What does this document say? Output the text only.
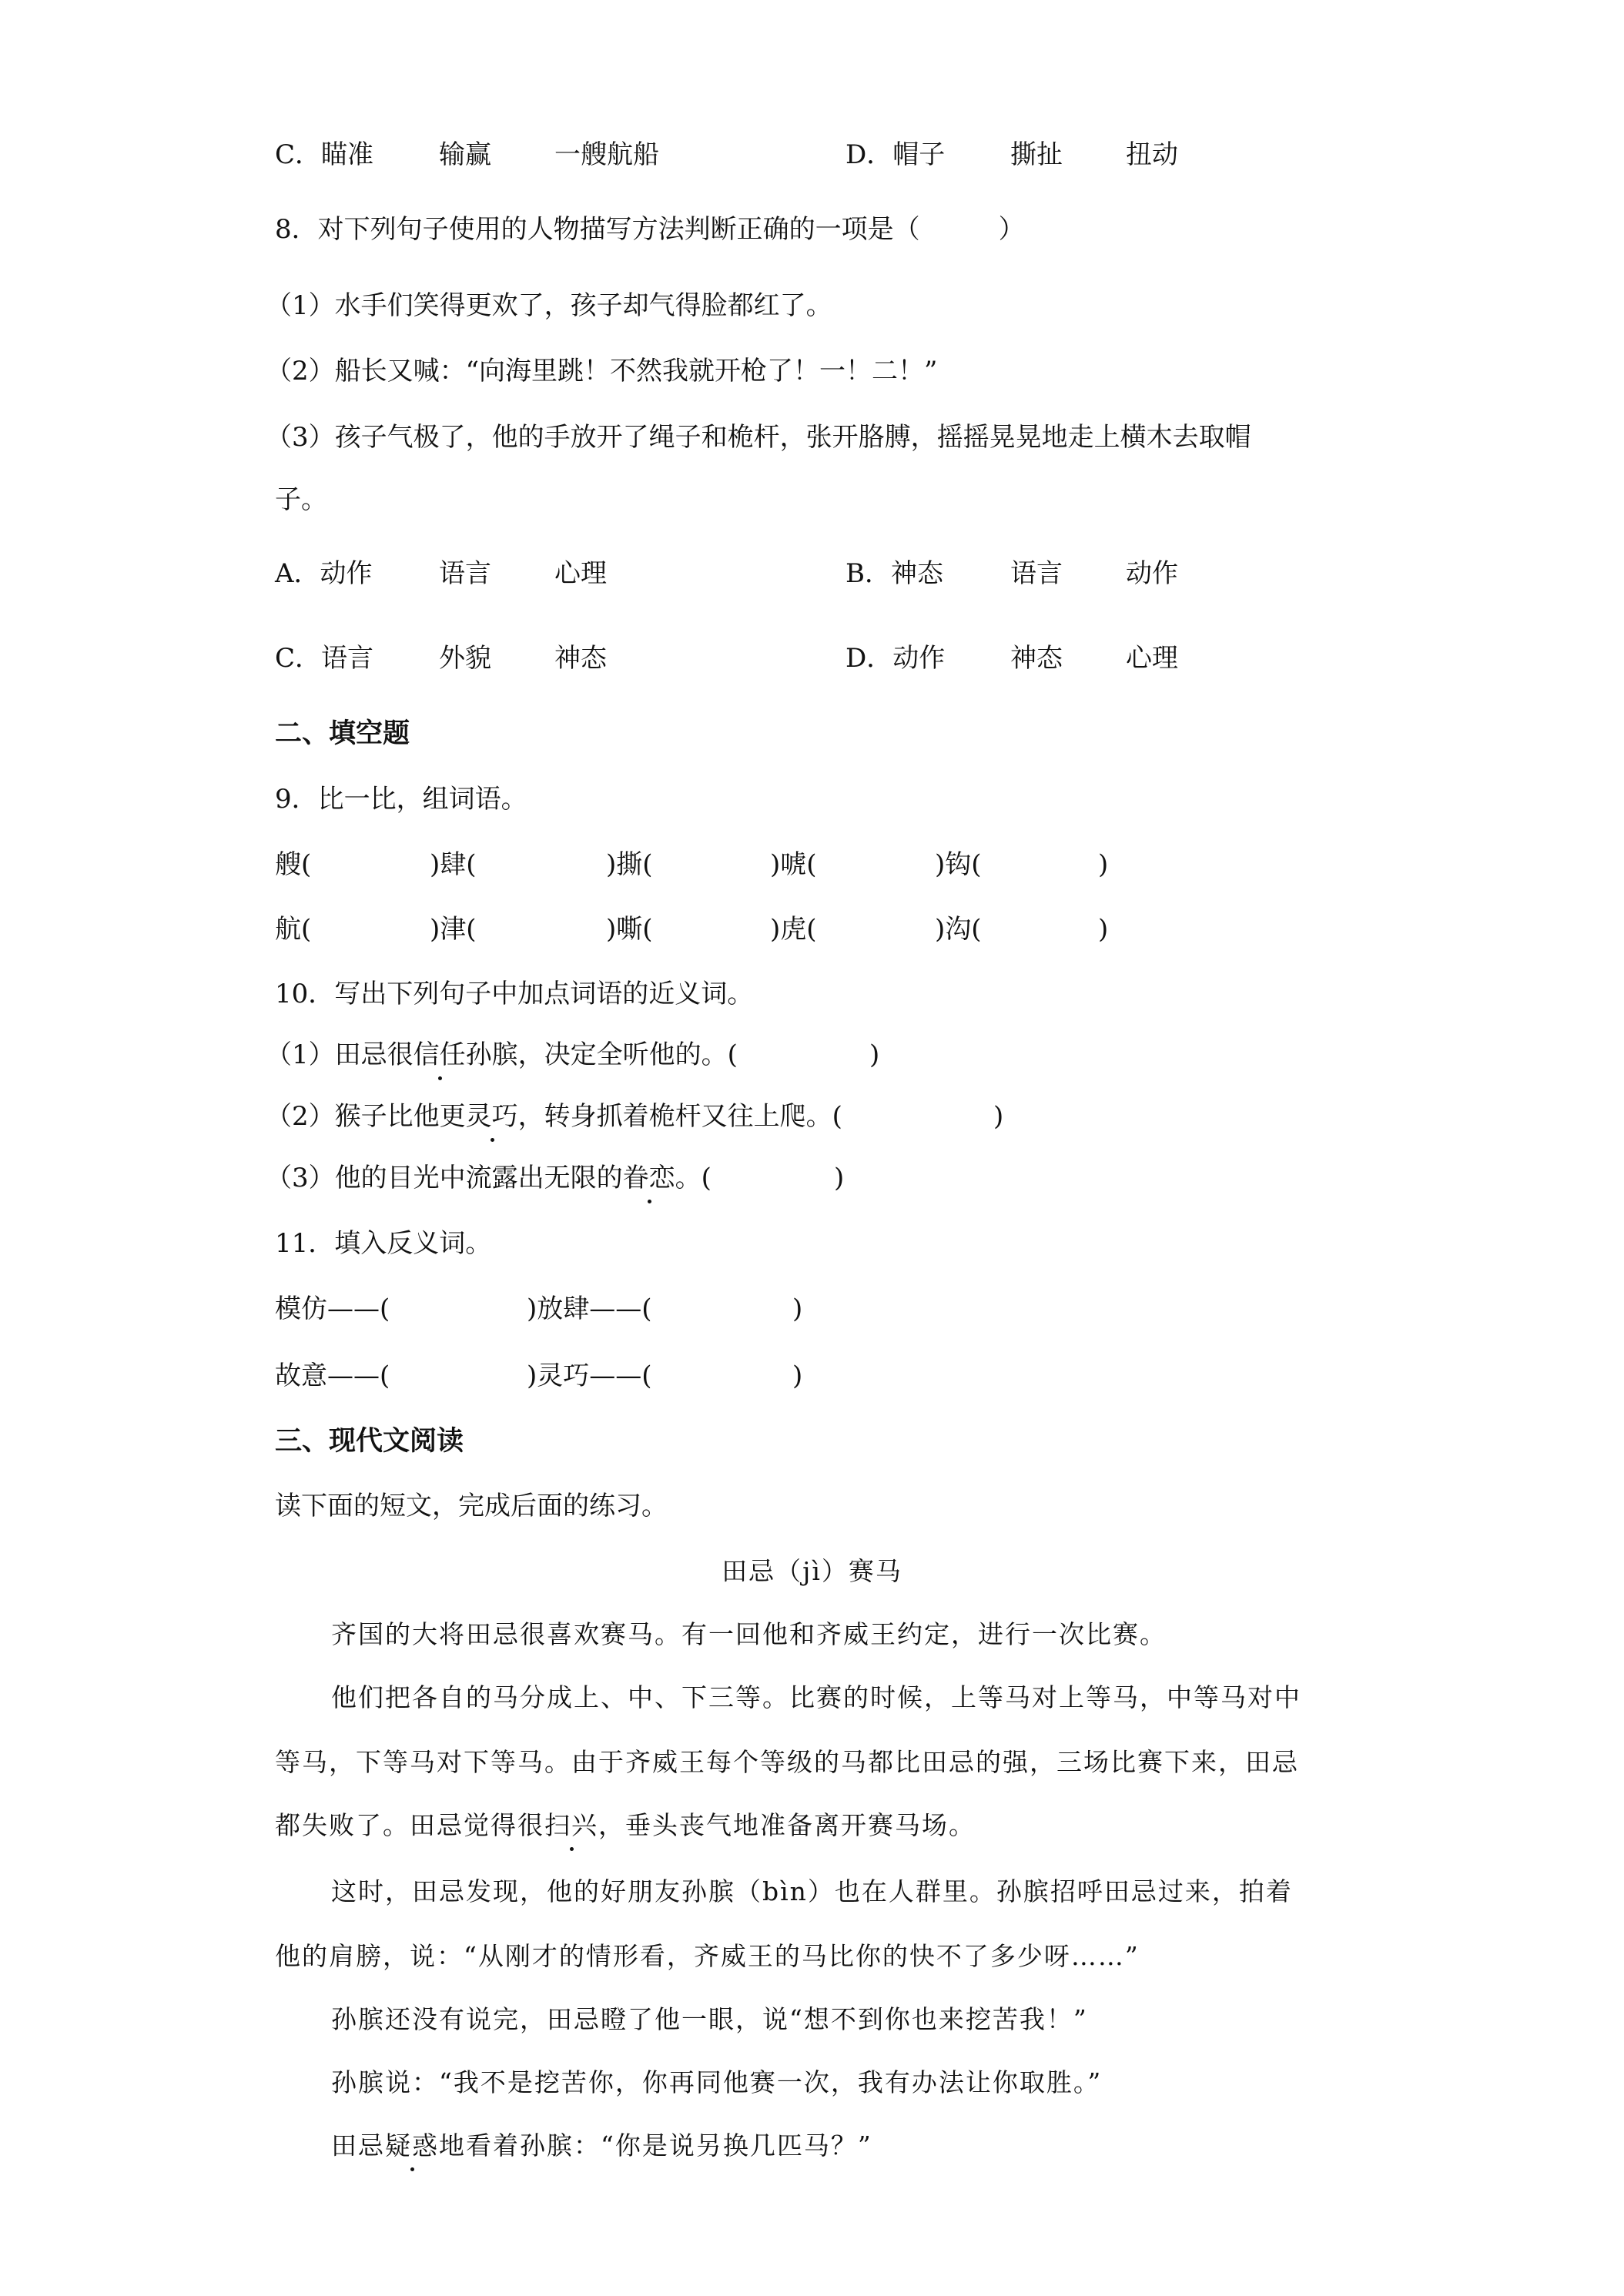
C．瞄准 输赢 一艘航船	D．帽子 撕扯 扭动
8．对下列句子使用的人物描写方法判断正确的一项是（　　　）
（1）水手们笑得更欢了，孩子却气得脸都红了。
（2）船长又喊：“向海里跳！不然我就开枪了！一！二！”
（3）孩子气极了，他的手放开了绳子和桅杆，张开胳膊，摇摇晃晃地走上横木去取帽
子。
A．动作	语言 心理	B．神态	语言 动作
C．语言 外貌 神态	D．动作 神态 心理
二、填空题
9．比一比，组词语。
艘(	)肆(	)撕(	)唬(	)钩(	)
航(	)津(	)嘶(	)虎(	)沟(	)
10．写出下列句子中加点词语的近义词。
（1）田忌很信任孙膑，决定全听他的。(	)
（2）猴子比他更灵巧，转身抓着桅杆又往上爬。(	)
（3）他的目光中流露出无限的眷恋。(	)
11．填入反义词。
模仿——(	)放肆——(	)
故意——(	)灵巧——(	)
三、现代文阅读
读下面的短文，完成后面的练习。
田忌（jì）赛马
齐国的大将田忌很喜欢赛马。有一回他和齐威王约定，进行一次比赛。
他们把各自的马分成上、中、下三等。比赛的时候，上等马对上等马，中等马对中
等马，下等马对下等马。由于齐威王每个等级的马都比田忌的强，三场比赛下来，田忌
都失败了。田忌觉得很扫兴，垂头丧气地准备离开赛马场。
这时，田忌发现，他的好朋友孙膑（bìn）也在人群里。孙膑招呼田忌过来，拍着
他的肩膀，说：“从刚才的情形看，齐威王的马比你的快不了多少呀……”
孙膑还没有说完，田忌瞪了他一眼，说“想不到你也来挖苦我！”
孙膑说：“我不是挖苦你，你再同他赛一次，我有办法让你取胜。”
田忌疑惑地看着孙膑：“你是说另换几匹马？”
